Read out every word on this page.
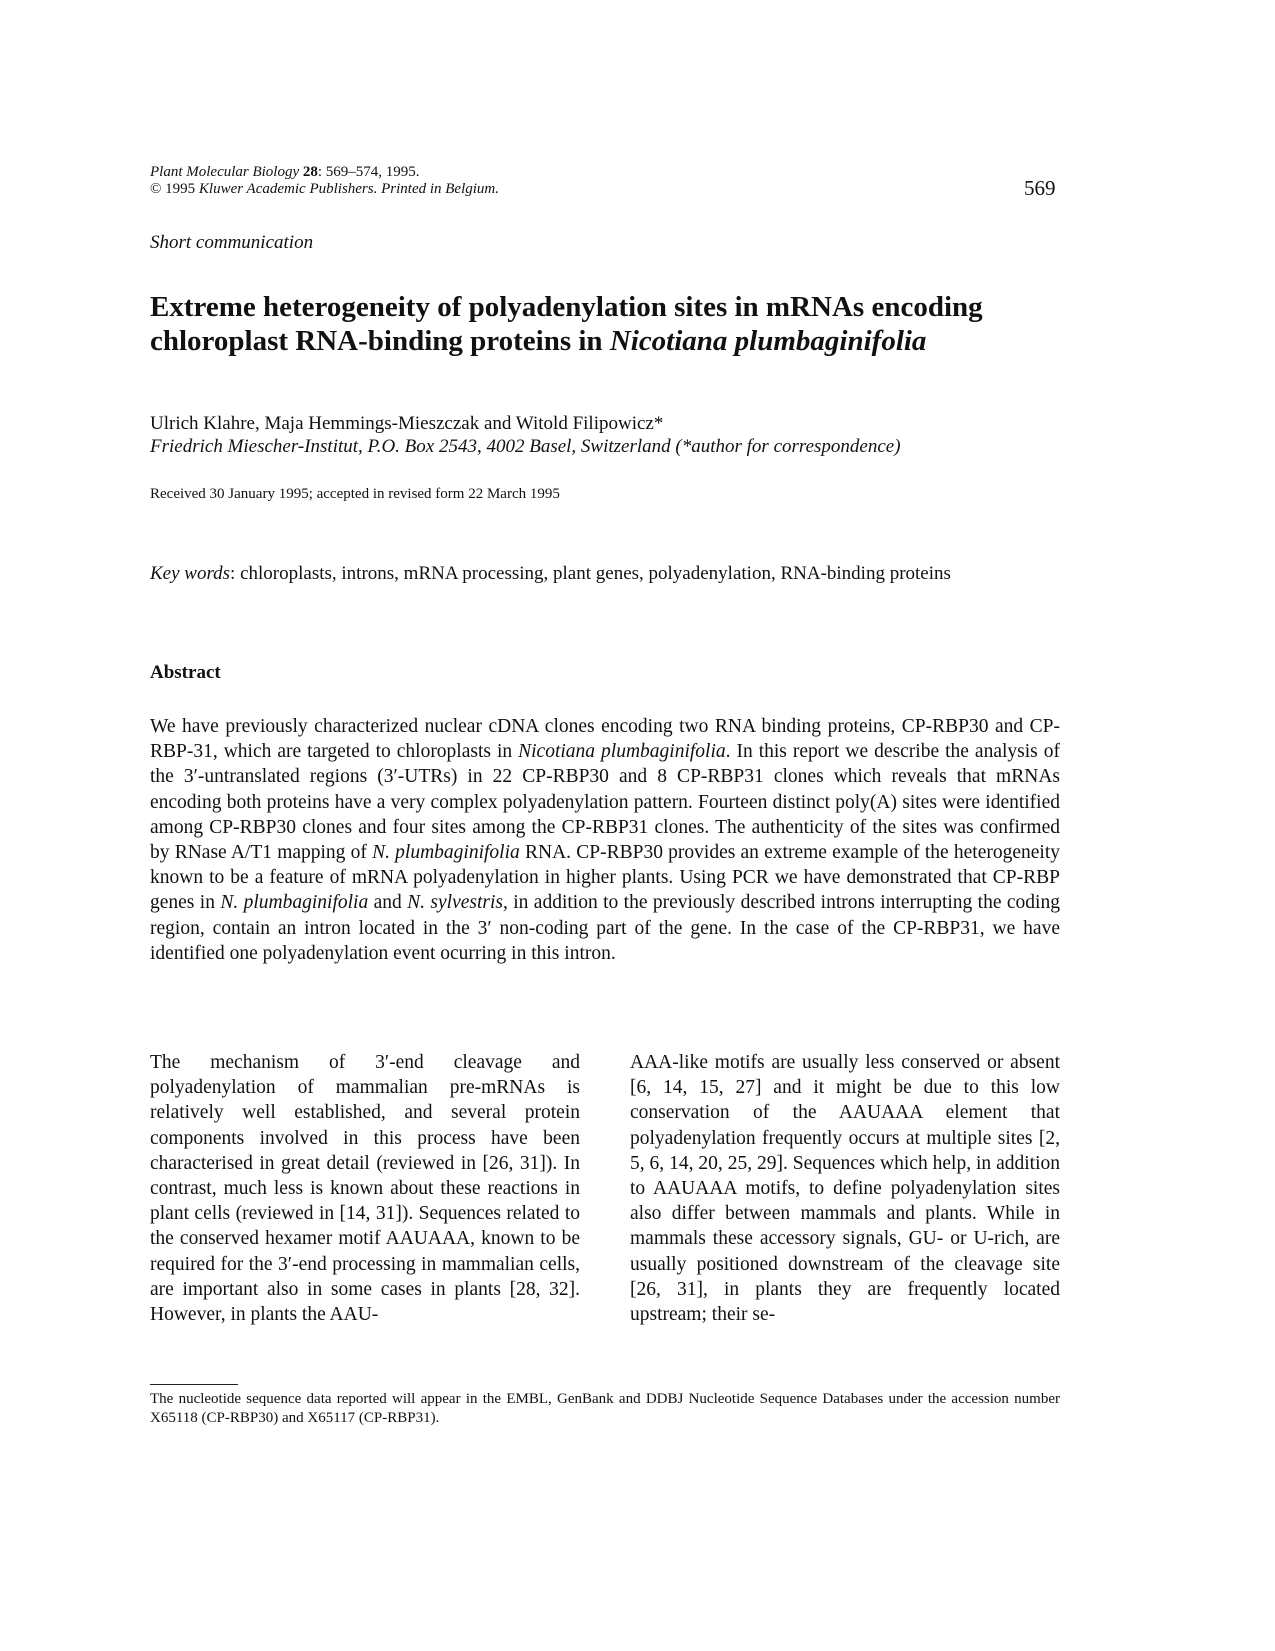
Plant Molecular Biology 28: 569–574, 1995.
© 1995 Kluwer Academic Publishers. Printed in Belgium.	569
Short communication
Extreme heterogeneity of polyadenylation sites in mRNAs encoding chloroplast RNA-binding proteins in Nicotiana plumbaginifolia
Ulrich Klahre, Maja Hemmings-Mieszczak and Witold Filipowicz*
Friedrich Miescher-Institut, P.O. Box 2543, 4002 Basel, Switzerland (*author for correspondence)
Received 30 January 1995; accepted in revised form 22 March 1995
Key words: chloroplasts, introns, mRNA processing, plant genes, polyadenylation, RNA-binding proteins
Abstract
We have previously characterized nuclear cDNA clones encoding two RNA binding proteins, CP-RBP30 and CP-RBP-31, which are targeted to chloroplasts in Nicotiana plumbaginifolia. In this report we describe the analysis of the 3′-untranslated regions (3′-UTRs) in 22 CP-RBP30 and 8 CP-RBP31 clones which reveals that mRNAs encoding both proteins have a very complex polyadenylation pattern. Fourteen distinct poly(A) sites were identified among CP-RBP30 clones and four sites among the CP-RBP31 clones. The authenticity of the sites was confirmed by RNase A/T1 mapping of N. plumbaginifolia RNA. CP-RBP30 provides an extreme example of the heterogeneity known to be a feature of mRNA polyadenylation in higher plants. Using PCR we have demonstrated that CP-RBP genes in N. plumbaginifolia and N. sylvestris, in addition to the previously described introns interrupting the coding region, contain an intron located in the 3′ non-coding part of the gene. In the case of the CP-RBP31, we have identified one polyadenylation event ocurring in this intron.
The mechanism of 3′-end cleavage and polyadenylation of mammalian pre-mRNAs is relatively well established, and several protein components involved in this process have been characterised in great detail (reviewed in [26, 31]). In contrast, much less is known about these reactions in plant cells (reviewed in [14, 31]). Sequences related to the conserved hexamer motif AAUAAA, known to be required for the 3′-end processing in mammalian cells, are important also in some cases in plants [28, 32]. However, in plants the AAU-
AAA-like motifs are usually less conserved or absent [6, 14, 15, 27] and it might be due to this low conservation of the AAUAAA element that polyadenylation frequently occurs at multiple sites [2, 5, 6, 14, 20, 25, 29]. Sequences which help, in addition to AAUAAA motifs, to define polyadenylation sites also differ between mammals and plants. While in mammals these accessory signals, GU- or U-rich, are usually positioned downstream of the cleavage site [26, 31], in plants they are frequently located upstream; their se-
The nucleotide sequence data reported will appear in the EMBL, GenBank and DDBJ Nucleotide Sequence Databases under the accession number X65118 (CP-RBP30) and X65117 (CP-RBP31).
